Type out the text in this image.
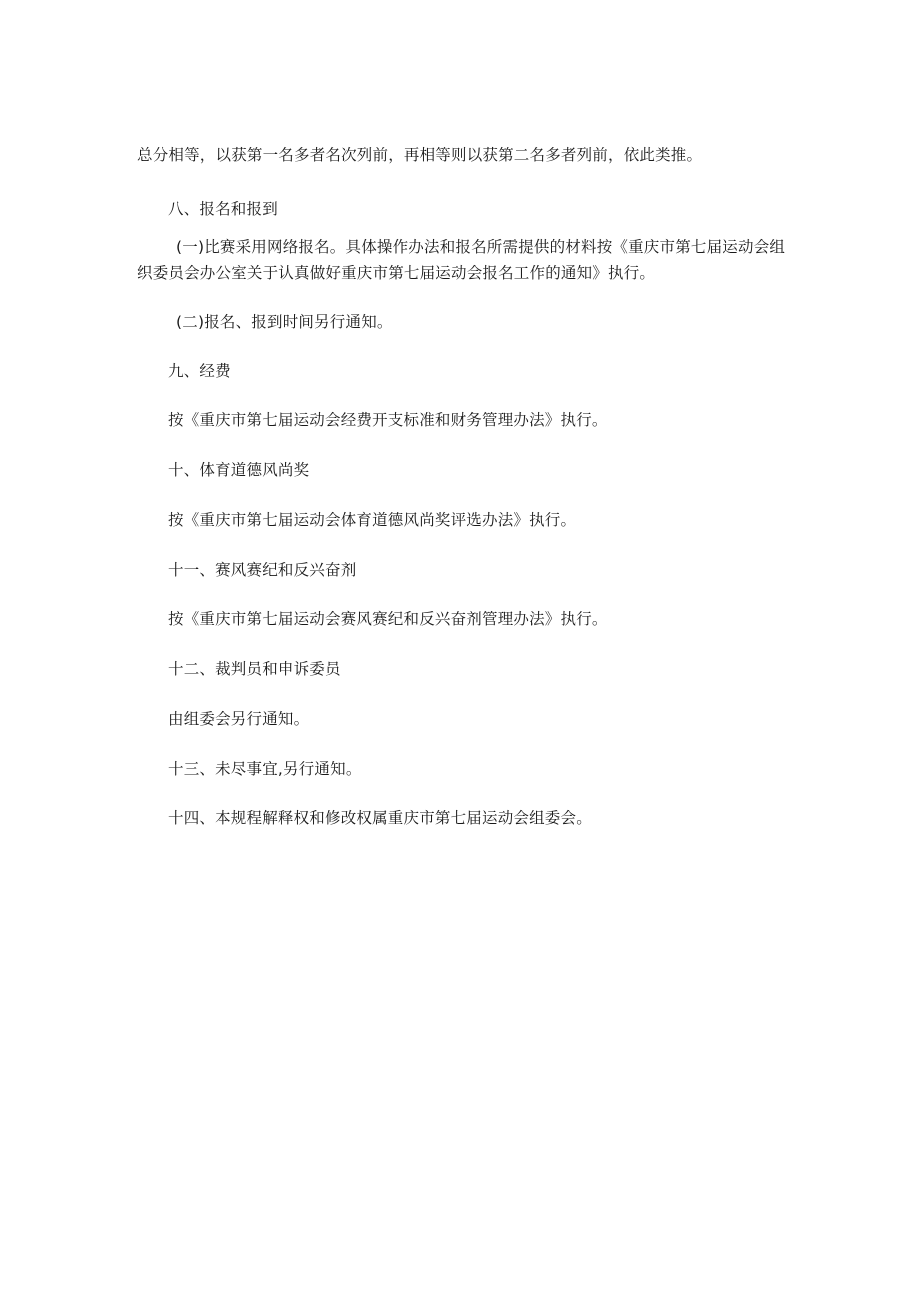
总分相等，以获第一名多者名次列前，再相等则以获第二名多者列前，依此类推。
八、报名和报到
(一)比赛采用网络报名。具体操作办法和报名所需提供的材料按《重庆市第七届运动会组
织委员会办公室关于认真做好重庆市第七届运动会报名工作的通知》执行。
(二)报名、报到时间另行通知。
九、经费
按《重庆市第七届运动会经费开支标准和财务管理办法》执行。
十、体育道德风尚奖
按《重庆市第七届运动会体育道德风尚奖评选办法》执行。
十一、赛风赛纪和反兴奋剂
按《重庆市第七届运动会赛风赛纪和反兴奋剂管理办法》执行。
十二、裁判员和申诉委员
由组委会另行通知。
十三、未尽事宜,另行通知。
十四、本规程解释权和修改权属重庆市第七届运动会组委会。
